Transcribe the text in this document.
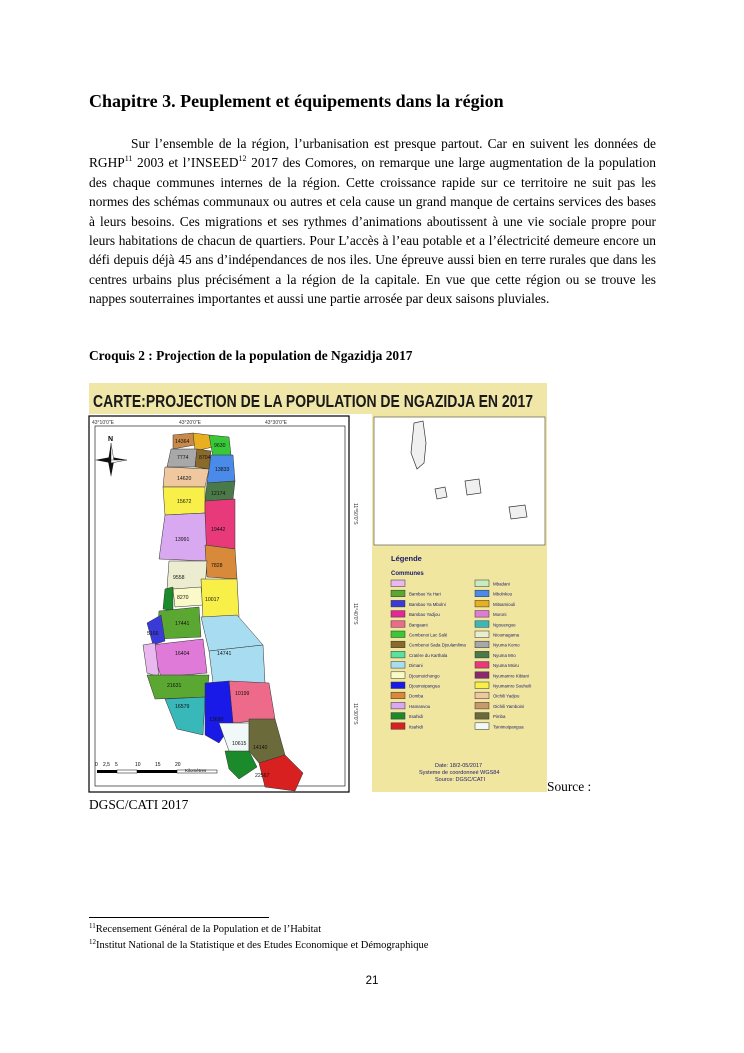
Chapitre 3. Peuplement et équipements dans la région
Sur l’ensemble de la région, l’urbanisation est presque partout. Car en suivent les données de RGHP$^{11}$ 2003 et l’INSEED$^{12}$ 2017 des Comores, on remarque une large augmentation de la population des chaque communes internes de la région. Cette croissance rapide sur ce territoire ne suit pas les normes des schémas communaux ou autres et cela cause un grand manque de certains services des bases à leurs besoins. Ces migrations et ses rythmes d’animations aboutissent à une vie sociale propre pour leurs habitations de chacun de quartiers. Pour L’accès à l’eau potable et a l’électricité demeure encore un défi depuis déjà 45 ans d’indépendances de nos iles. Une épreuve aussi bien en terre rurales que dans les centres urbains plus précisément a la région de la capitale. En vue que cette région ou se trouve les nappes souterraines importantes et aussi une partie arrosée par deux saisons pluviales.
Croquis 2 : Projection de la population de Ngazidja 2017
CARTE:PROJECTION DE LA POPULATION DE NGAZIDJA EN 2017
43°10'0"E	43°20'0"E	43°30'0"E
11°50'0"S
11°40'0"S
11°30'0"S
N	14364
9630
7774 8704
13833
14620
12174
15672
19442
13991
7828
9558
8270	10017
17441
16404	14741
21631
10199
16579
13690
10615
14140
22567
5166
0 2,5 5	10	15	20
Kilomètres
Légende
Communes
Bambao Ya Hari
Bambao Ya Mbolni
Bambao Yadjou
Bangaani
Cembenoi Lac Salé
Cembenoi Sada Djoulamlima
Cratère du Karthala
Dimani
Djoumoichongo
Djoumoipangua
Domba
Hamanvou
Itsahidi
Itsahidi
Mbadani
Mbolnkou
Mitsamiouli
Moroni
Ngouengoe
Nioumagama
Nyuma Komo
Nyuma Mro
Nyuma Msiru
Nyumamro Kibiani
Nyumamro Souheili
Oichili Yadjou
Oichili Yamboini
Pimba
Tsinimoipangua
Date: 18/2-05/2017
Systeme de coordonneé WGS84
Source: DGSC/CATI	Source :
DGSC/CATI 2017
$^{11}$Recensement Général de la Population et de l’Habitat
$^{12}$Institut National de la Statistique et des Etudes Economique et Démographique
21
